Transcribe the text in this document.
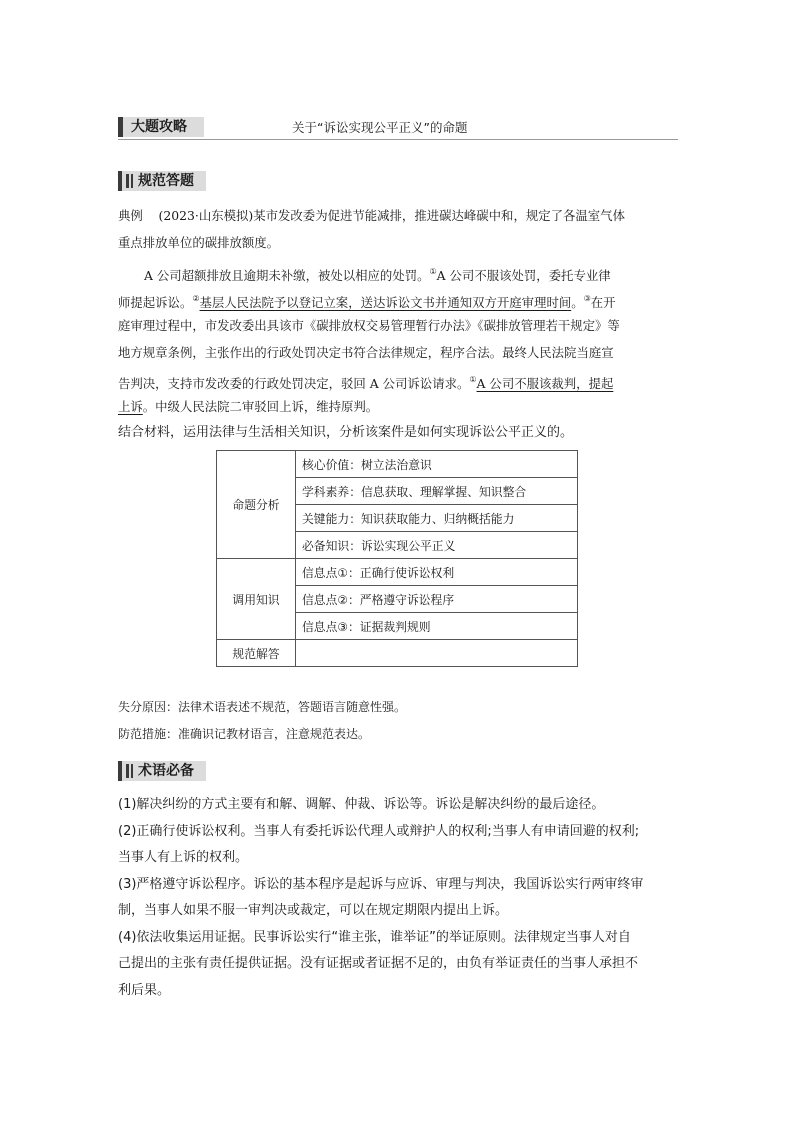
大题攻略	关于“诉讼实现公平正义”的命题
规范答题
典例 (2023·山东模拟)某市发改委为促进节能减排，推进碳达峰碳中和，规定了各温室气体
重点排放单位的碳排放额度。
A 公司超额排放且逾期未补缴，被处以相应的处罚。①A 公司不服该处罚，委托专业律
师提起诉讼。②基层人民法院予以登记立案，送达诉讼文书并通知双方开庭审理时间。③在开
庭审理过程中，市发改委出具该市《碳排放权交易管理暂行办法》《碳排放管理若干规定》等
地方规章条例，主张作出的行政处罚决定书符合法律规定，程序合法。最终人民法院当庭宣
告判决，支持市发改委的行政处罚决定，驳回 A 公司诉讼请求。①A 公司不服该裁判，提起
上诉。中级人民法院二审驳回上诉，维持原判。
结合材料，运用法律与生活相关知识，分析该案件是如何实现诉讼公平正义的。
命题分析	核心价值：树立法治意识
	学科素养：信息获取、理解掌握、知识整合
	关键能力：知识获取能力、归纳概括能力
	必备知识：诉讼实现公平正义
调用知识	信息点①：正确行使诉讼权利
	信息点②：严格遵守诉讼程序
	信息点③：证据裁判规则
规范解答	
失分原因：法律术语表述不规范，答题语言随意性强。
防范措施：准确识记教材语言，注意规范表达。
术语必备
(1)解决纠纷的方式主要有和解、调解、仲裁、诉讼等。诉讼是解决纠纷的最后途径。
(2)正确行使诉讼权利。当事人有委托诉讼代理人或辩护人的权利;当事人有申请回避的权利;
当事人有上诉的权利。
(3)严格遵守诉讼程序。诉讼的基本程序是起诉与应诉、审理与判决，我国诉讼实行两审终审
制，当事人如果不服一审判决或裁定，可以在规定期限内提出上诉。
(4)依法收集运用证据。民事诉讼实行“谁主张，谁举证”的举证原则。法律规定当事人对自
己提出的主张有责任提供证据。没有证据或者证据不足的，由负有举证责任的当事人承担不
利后果。
